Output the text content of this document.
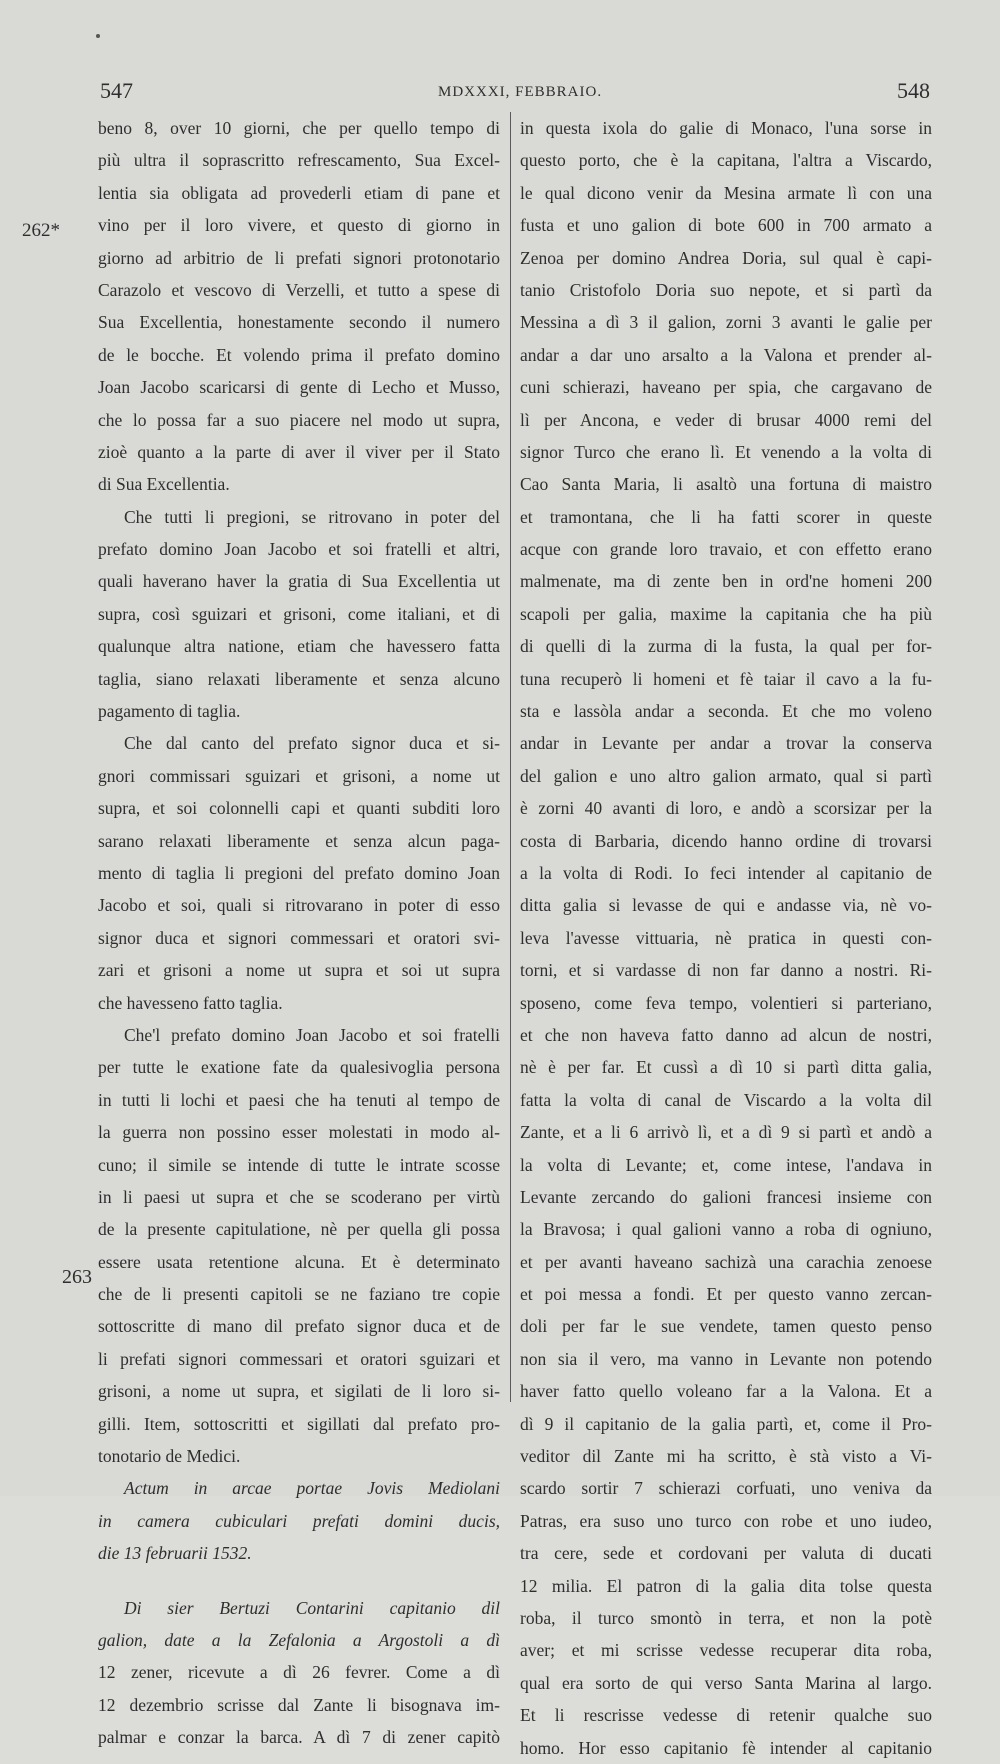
547	MDXXXI, FEBBRAIO.	548
262*
263
beno 8, over 10 giorni, che per quello tempo di
più ultra il soprascritto refrescamento, Sua Excel-
lentia sia obligata ad provederli etiam di pane et
vino per il loro vivere, et questo di giorno in
giorno ad arbitrio de li prefati signori protonotario
Carazolo et vescovo di Verzelli, et tutto a spese di
Sua Excellentia, honestamente secondo il numero
de le bocche. Et volendo prima il prefato domino
Joan Jacobo scaricarsi di gente di Lecho et Musso,
che lo possa far a suo piacere nel modo ut supra,
zioè quanto a la parte di aver il viver per il Stato
di Sua Excellentia.
Che tutti li pregioni, se ritrovano in poter del
prefato domino Joan Jacobo et soi fratelli et altri,
quali haverano haver la gratia di Sua Excellentia ut
supra, così sguizari et grisoni, come italiani, et di
qualunque altra natione, etiam che havessero fatta
taglia, siano relaxati liberamente et senza alcuno
pagamento di taglia.
Che dal canto del prefato signor duca et si-
gnori commissari sguizari et grisoni, a nome ut
supra, et soi colonnelli capi et quanti subditi loro
sarano relaxati liberamente et senza alcun paga-
mento di taglia li pregioni del prefato domino Joan
Jacobo et soi, quali si ritrovarano in poter di esso
signor duca et signori commessari et oratori svi-
zari et grisoni a nome ut supra et soi ut supra
che havesseno fatto taglia.
Che'l prefato domino Joan Jacobo et soi fratelli
per tutte le exatione fate da qualesivoglia persona
in tutti li lochi et paesi che ha tenuti al tempo de
la guerra non possino esser molestati in modo al-
cuno; il simile se intende di tutte le intrate scosse
in li paesi ut supra et che se scoderano per virtù
de la presente capitulatione, nè per quella gli possa
essere usata retentione alcuna. Et è determinato
che de li presenti capitoli se ne faziano tre copie
sottoscritte di mano dil prefato signor duca et de
li prefati signori commessari et oratori sguizari et
grisoni, a nome ut supra, et sigilati de li loro si-
gilli. Item, sottoscritti et sigillati dal prefato pro-
tonotario de Medici.
Actum in arcae portae Jovis Mediolani
in camera cubiculari prefati domini ducis,
die 13 februarii 1532.
Di sier Bertuzi Contarini capitanio dil
galion, date a la Zefalonia a Argostoli a dì
12 zener, ricevute a dì 26 fevrer. Come a dì
12 dezembrio scrisse dal Zante li bisognava im-
palmar e conzar la barca. A dì 7 di zener capitò
in questa ixola do galie di Monaco, l'una sorse in
questo porto, che è la capitana, l'altra a Viscardo,
le qual dicono venir da Mesina armate lì con una
fusta et uno galion di bote 600 in 700 armato a
Zenoa per domino Andrea Doria, sul qual è capi-
tanio Cristofolo Doria suo nepote, et si partì da
Messina a dì 3 il galion, zorni 3 avanti le galie per
andar a dar uno arsalto a la Valona et prender al-
cuni schierazi, haveano per spia, che cargavano de
lì per Ancona, e veder di brusar 4000 remi del
signor Turco che erano lì. Et venendo a la volta di
Cao Santa Maria, li asaltò una fortuna di maistro
et tramontana, che li ha fatti scorer in queste
acque con grande loro travaio, et con effetto erano
malmenate, ma di zente ben in ord'ne homeni 200
scapoli per galia, maxime la capitania che ha più
di quelli di la zurma di la fusta, la qual per for-
tuna recuperò li homeni et fè taiar il cavo a la fu-
sta e lassòla andar a seconda. Et che mo voleno
andar in Levante per andar a trovar la conserva
del galion e uno altro galion armato, qual si partì
è zorni 40 avanti di loro, e andò a scorsizar per la
costa di Barbaria, dicendo hanno ordine di trovarsi
a la volta di Rodi. Io feci intender al capitanio de
ditta galia si levasse de qui e andasse via, nè vo-
leva l'avesse vittuaria, nè pratica in questi con-
torni, et si vardasse di non far danno a nostri. Ri-
sposeno, come feva tempo, volentieri si parteriano,
et che non haveva fatto danno ad alcun de nostri,
nè è per far. Et cussì a dì 10 si partì ditta galia,
fatta la volta di canal de Viscardo a la volta dil
Zante, et a li 6 arrivò lì, et a dì 9 si partì et andò a
la volta di Levante; et, come intese, l'andava in
Levante zercando do galioni francesi insieme con
la Bravosa; i qual galioni vanno a roba di ogniuno,
et per avanti haveano sachizà una carachia zenoese
et poi messa a fondi. Et per questo vanno zercan-
doli per far le sue vendete, tamen questo penso
non sia il vero, ma vanno in Levante non potendo
haver fatto quello voleano far a la Valona. Et a
dì 9 il capitanio de la galia partì, et, come il Pro-
veditor dil Zante mi ha scritto, è stà visto a Vi-
scardo sortir 7 schierazi corfuati, uno veniva da
Patras, era suso uno turco con robe et uno iudeo,
tra cere, sede et cordovani per valuta di ducati
12 milia. El patron di la galia dita tolse questa
roba, il turco smontò in terra, et non la potè
aver; et mi scrisse vedesse recuperar dita roba,
qual era sorto de qui verso Santa Marina al largo.
Et li rescrisse vedesse di retenir qualche suo
homo. Hor esso capitanio fè intender al capitanio
